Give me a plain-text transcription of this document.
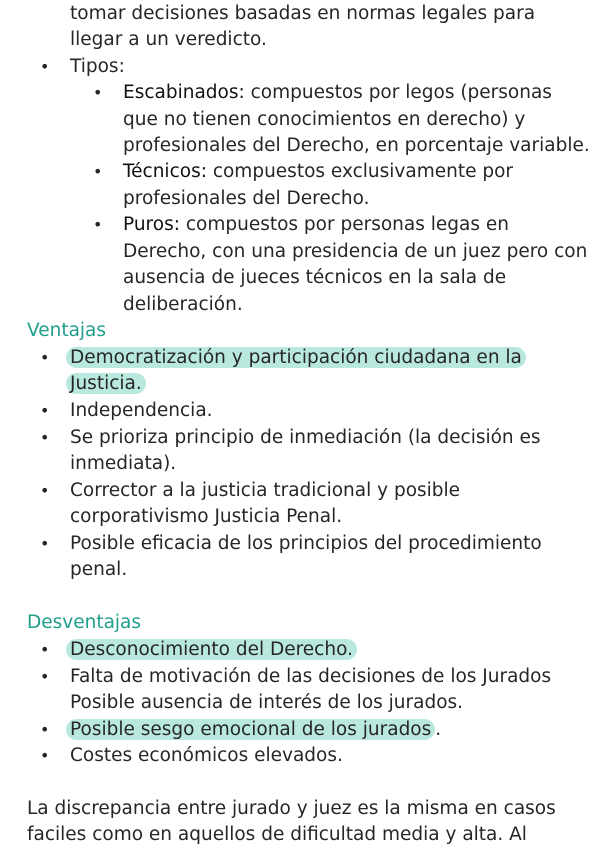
tomar decisiones basadas en normas legales para
llegar a un veredicto.
• Tipos:
• Escabinados: compuestos por legos (personas
que no tienen conocimientos en derecho) y
profesionales del Derecho, en porcentaje variable.
• Técnicos: compuestos exclusivamente por
profesionales del Derecho.
• Puros: compuestos por personas legas en
Derecho, con una presidencia de un juez pero con
ausencia de jueces técnicos en la sala de
deliberación.
Ventajas
• Democratización y participación ciudadana en la
Justicia.
• Independencia.
• Se prioriza principio de inmediación (la decisión es
inmediata).
• Corrector a la justicia tradicional y posible
corporativismo Justicia Penal.
• Posible eficacia de los principios del procedimiento
penal.
Desventajas
• Desconocimiento del Derecho.
• Falta de motivación de las decisiones de los Jurados
Posible ausencia de interés de los jurados.
• Posible sesgo emocional de los jurados .
• Costes económicos elevados.
La discrepancia entre jurado y juez es la misma en casos
faciles como en aquellos de dificultad media y alta. Al
